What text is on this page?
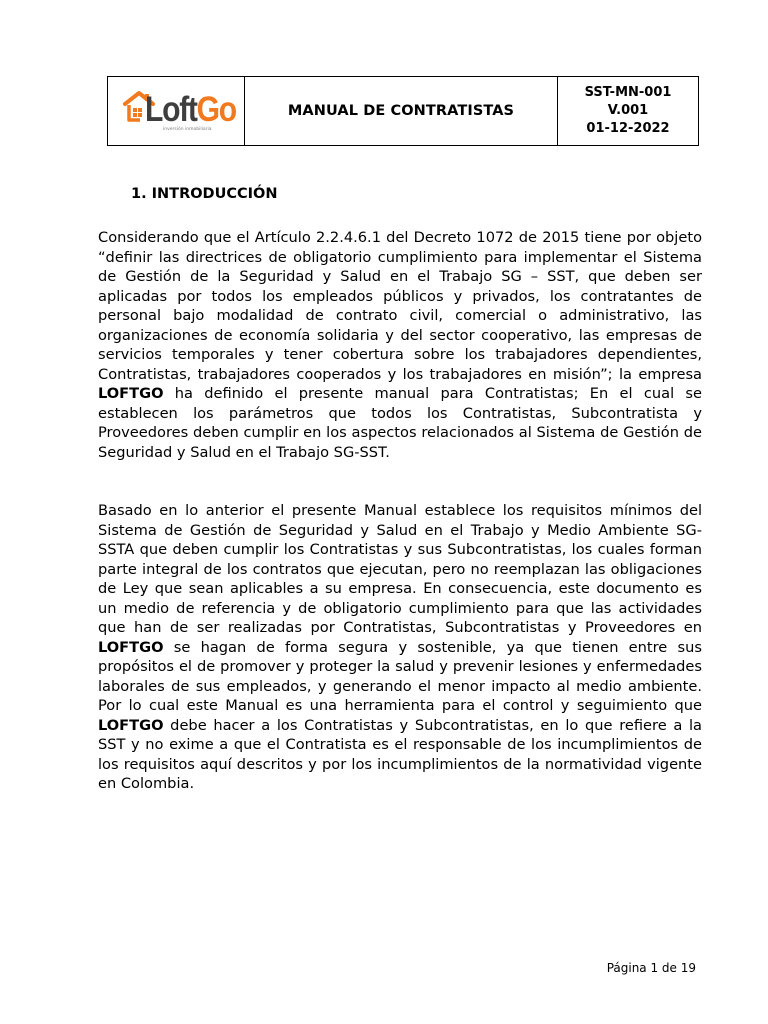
LoftGo
inversión inmobiliaria
MANUAL DE CONTRATISTAS
SST-MN-001
V.001
01-12-2022
1. INTRODUCCIÓN

Considerando que el Artículo 2.2.4.6.1 del Decreto 1072 de 2015 tiene por objeto “definir las directrices de obligatorio cumplimiento para implementar el Sistema de Gestión de la Seguridad y Salud en el Trabajo SG – SST, que deben ser aplicadas por todos los empleados públicos y privados, los contratantes de personal bajo modalidad de contrato civil, comercial o administrativo, las organizaciones de economía solidaria y del sector cooperativo, las empresas de servicios temporales y tener cobertura sobre los trabajadores dependientes, Contratistas, trabajadores cooperados y los trabajadores en misión”; la empresa LOFTGO ha definido el presente manual para Contratistas; En el cual se establecen los parámetros que todos los Contratistas, Subcontratista y Proveedores deben cumplir en los aspectos relacionados al Sistema de Gestión de Seguridad y Salud en el Trabajo SG-SST.

Basado en lo anterior el presente Manual establece los requisitos mínimos del Sistema de Gestión de Seguridad y Salud en el Trabajo y Medio Ambiente SG-SSTA que deben cumplir los Contratistas y sus Subcontratistas, los cuales forman parte integral de los contratos que ejecutan, pero no reemplazan las obligaciones de Ley que sean aplicables a su empresa. En consecuencia, este documento es un medio de referencia y de obligatorio cumplimiento para que las actividades que han de ser realizadas por Contratistas, Subcontratistas y Proveedores en LOFTGO se hagan de forma segura y sostenible, ya que tienen entre sus propósitos el de promover y proteger la salud y prevenir lesiones y enfermedades laborales de sus empleados, y generando el menor impacto al medio ambiente. Por lo cual este Manual es una herramienta para el control y seguimiento que LOFTGO debe hacer a los Contratistas y Subcontratistas, en lo que refiere a la SST y no exime a que el Contratista es el responsable de los incumplimientos de los requisitos aquí descritos y por los incumplimientos de la normatividad vigente en Colombia.

Página 1 de 19
